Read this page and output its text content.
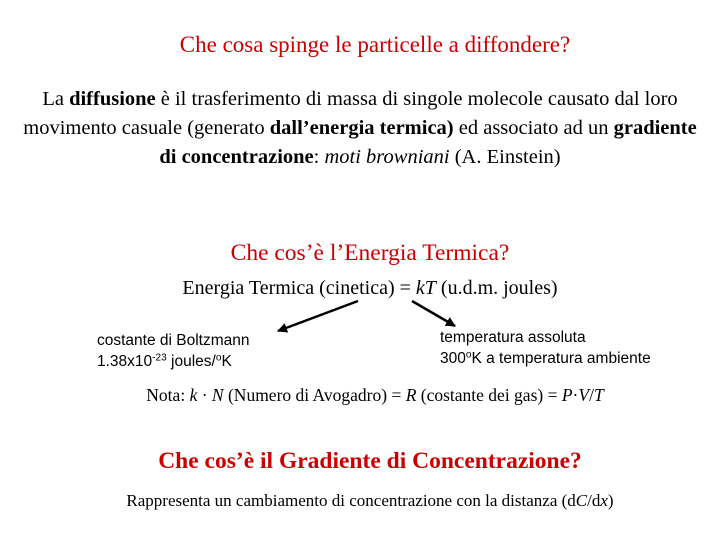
Che cosa spinge le particelle a diffondere?
La diffusione è il trasferimento di massa di singole molecole causato dal loro movimento casuale (generato dall’energia termica) ed associato ad un gradiente di concentrazione: moti browniani (A. Einstein)
Che cos’è l’Energia Termica?
Energia Termica (cinetica) = kT (u.d.m. joules)
costante di Boltzmann
$1.38x10^{-23}$ joules/$^o$K
temperatura assoluta
300$^o$K a temperatura ambiente
Nota: k · N (Numero di Avogadro) = R (costante dei gas) = P·V/T
Che cos’è il Gradiente di Concentrazione?
Rappresenta un cambiamento di concentrazione con la distanza (dC/dx)
